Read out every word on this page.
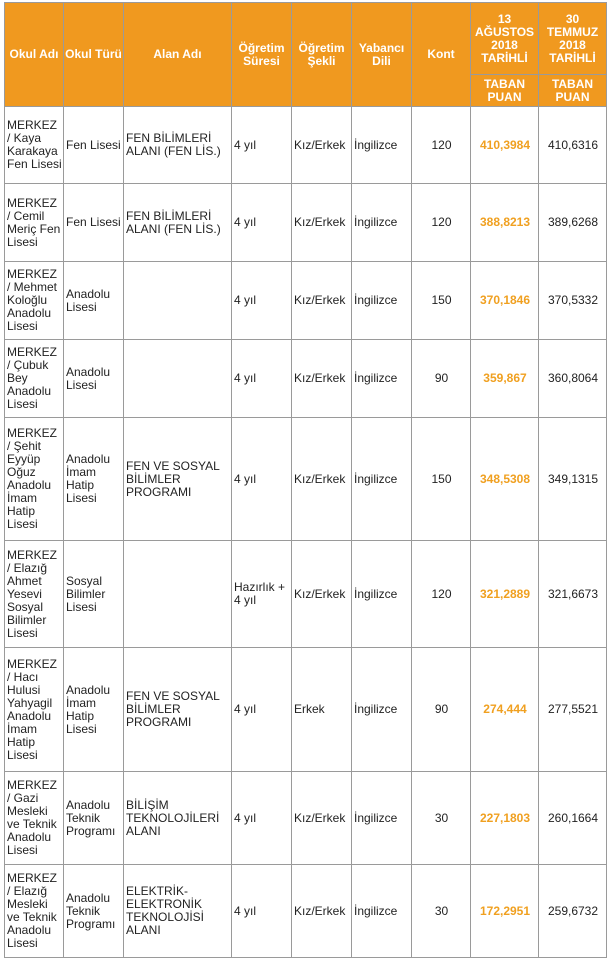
Okul Adı	Okul Türü	Alan Adı	Öğretim Süresi	Öğretim Şekli	Yabancı Dili	Kont	13 AĞUSTOS 2018 TARİHLİ	30 TEMMUZ 2018 TARİHLİ
							TABAN PUAN	TABAN PUAN
MERKEZ / Kaya Karakaya Fen Lisesi	Fen Lisesi	FEN BİLİMLERİ ALANI (FEN LİS.)	4 yıl	Kız/Erkek	İngilizce	120	410,3984	410,6316
MERKEZ / Cemil Meriç Fen Lisesi	Fen Lisesi	FEN BİLİMLERİ ALANI (FEN LİS.)	4 yıl	Kız/Erkek	İngilizce	120	388,8213	389,6268
MERKEZ / Mehmet Koloğlu Anadolu Lisesi	Anadolu Lisesi		4 yıl	Kız/Erkek	İngilizce	150	370,1846	370,5332
MERKEZ / Çubuk Bey Anadolu Lisesi	Anadolu Lisesi		4 yıl	Kız/Erkek	İngilizce	90	359,867	360,8064
MERKEZ / Şehit Eyyüp Oğuz Anadolu İmam Hatip Lisesi	Anadolu İmam Hatip Lisesi	FEN VE SOSYAL BİLİMLER PROGRAMI	4 yıl	Kız/Erkek	İngilizce	150	348,5308	349,1315
MERKEZ / Elazığ Ahmet Yesevi Sosyal Bilimler Lisesi	Sosyal Bilimler Lisesi		Hazırlık + 4 yıl	Kız/Erkek	İngilizce	120	321,2889	321,6673
MERKEZ / Hacı Hulusi Yahyagil Anadolu İmam Hatip Lisesi	Anadolu İmam Hatip Lisesi	FEN VE SOSYAL BİLİMLER PROGRAMI	4 yıl	Erkek	İngilizce	90	274,444	277,5521
MERKEZ / Gazi Mesleki ve Teknik Anadolu Lisesi	Anadolu Teknik Programı	BİLİŞİM TEKNOLOJİLERİ ALANI	4 yıl	Kız/Erkek	İngilizce	30	227,1803	260,1664
MERKEZ / Elazığ Mesleki ve Teknik Anadolu Lisesi	Anadolu Teknik Programı	ELEKTRİK-ELEKTRONİK TEKNOLOJİSİ ALANI	4 yıl	Kız/Erkek	İngilizce	30	172,2951	259,6732
